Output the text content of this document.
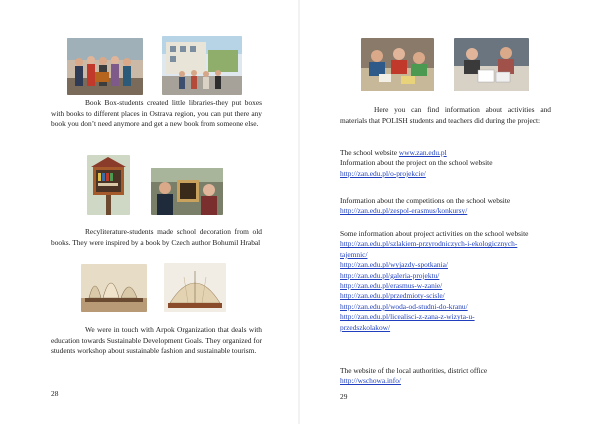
Book Box-students created little libraries-they put boxes with books to different places in Ostrava region, you can put there any book you don’t need anymore and get a new book from someone else.

Recyliterature-students made school decoration from old books. They were inspired by a book by Czech author Bohumil Hrabal

We were in touch with Arpok Organization that deals with education towards Sustainable Development Goals. They organized for students workshop about sustainable fashion and sustainable tourism.

28

Here you can find information about activities and materials that POLISH students and teachers did during the project:

The school website www.zan.edu.pl
Information about the project on the school website
http://zan.edu.pl/o-projekcie/
Information about the competitions on the school website
http://zan.edu.pl/zespol-erasmus/konkursy/
Some information about project activities on the school website
http://zan.edu.pl/szlakiem-przyrodniczych-i-ekologicznych-
tajemnic/
http://zan.edu.pl/wyjazdy-spotkania/
http://zan.edu.pl/galeria-projektu/
http://zan.edu.pl/erasmus-w-zanie/
http://zan.edu.pl/przedmioty-scisle/
http://zan.edu.pl/woda-od-studni-do-kranu/
http://zan.edu.pl/licealisci-z-zana-z-wizyta-u-
przedszkolakow/
The website of the local authorities, district office
http://wschowa.info/
29
